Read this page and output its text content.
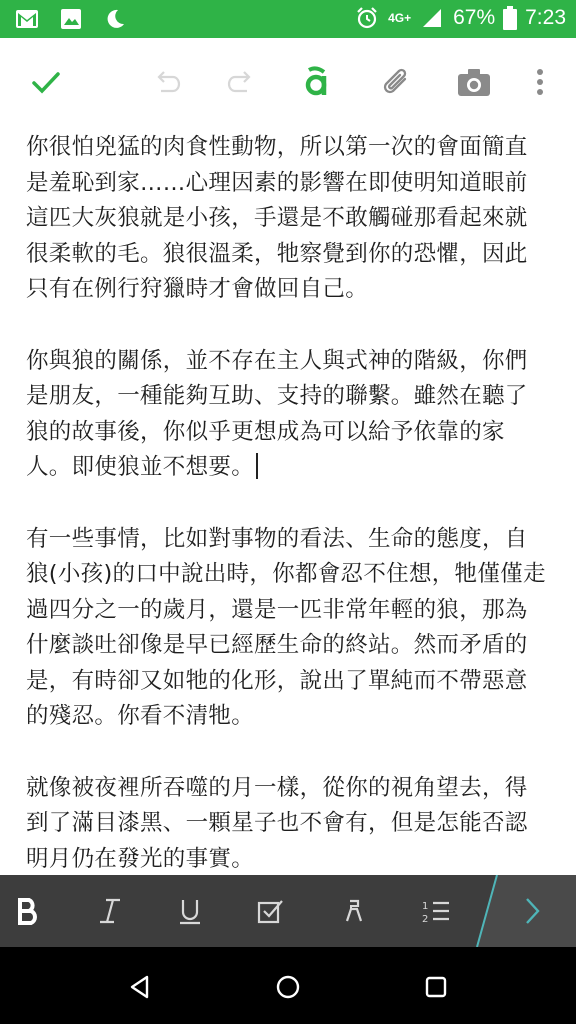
4G+ 67% 7:23

你很怕兇猛的肉食性動物，所以第一次的會面簡直是羞恥到家……心理因素的影響在即使明知道眼前這匹大灰狼就是小孩，手還是不敢觸碰那看起來就很柔軟的毛。狼很溫柔，牠察覺到你的恐懼，因此只有在例行狩獵時才會做回自己。

你與狼的關係，並不存在主人與式神的階級，你們是朋友，一種能夠互助、支持的聯繫。雖然在聽了狼的故事後，你似乎更想成為可以給予依靠的家人。即使狼並不想要。

有一些事情，比如對事物的看法、生命的態度，自狼(小孩)的口中說出時，你都會忍不住想，牠僅僅走過四分之一的歲月，還是一匹非常年輕的狼，那為什麼談吐卻像是早已經歷生命的終站。然而矛盾的是，有時卻又如牠的化形，說出了單純而不帶惡意的殘忍。你看不清牠。

就像被夜裡所吞噬的月一樣，從你的視角望去，得到了滿目漆黑、一顆星子也不會有，但是怎能否認明月仍在發光的事實。

1
2
